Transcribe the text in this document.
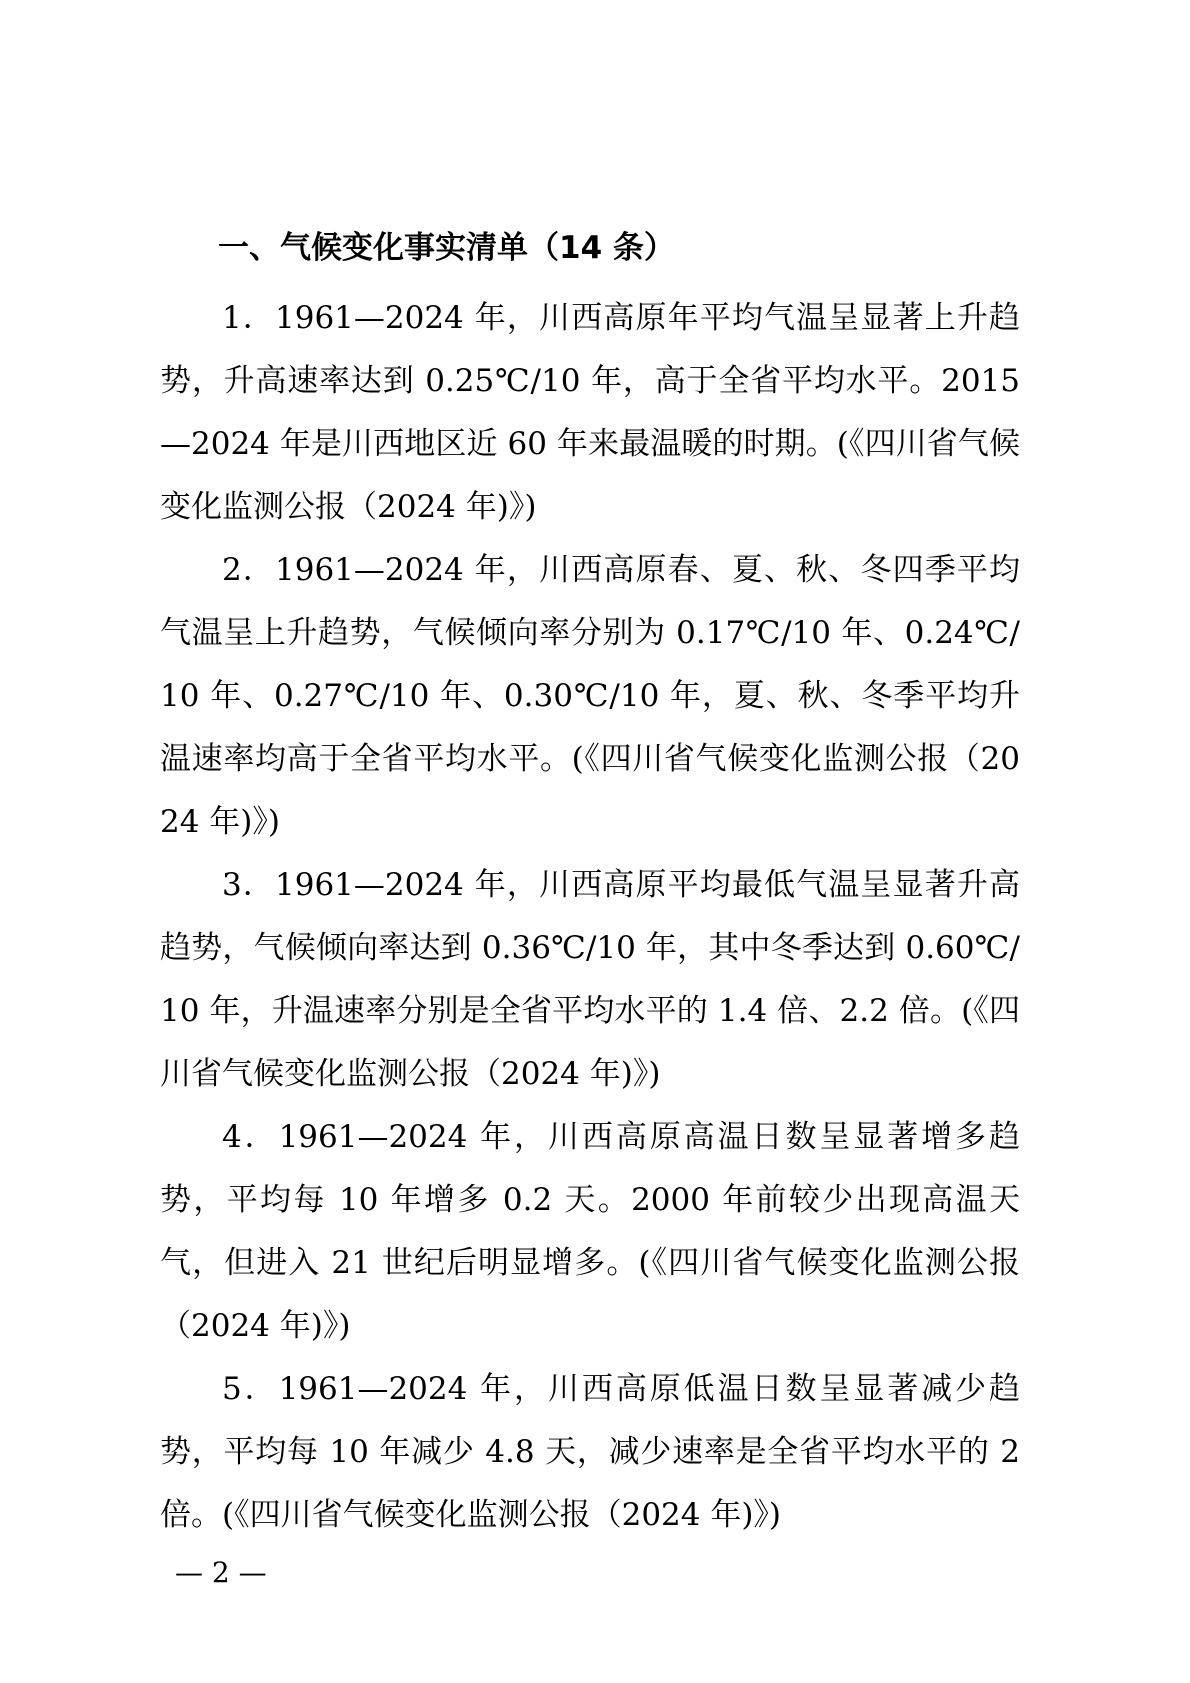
一、气候变化事实清单（14 条）

1．1961—2024 年，川西高原年平均气温呈显著上升趋势，升高速率达到 0.25℃/10 年，高于全省平均水平。2015—2024 年是川西地区近 60 年来最温暖的时期。(《四川省气候变化监测公报（2024 年)》)

2．1961—2024 年，川西高原春、夏、秋、冬四季平均气温呈上升趋势，气候倾向率分别为 0.17℃/10 年、0.24℃/10 年、0.27℃/10 年、0.30℃/10 年，夏、秋、冬季平均升温速率均高于全省平均水平。(《四川省气候变化监测公报（2024 年)》)

3．1961—2024 年，川西高原平均最低气温呈显著升高趋势，气候倾向率达到 0.36℃/10 年，其中冬季达到 0.60℃/10 年，升温速率分别是全省平均水平的 1.4 倍、2.2 倍。(《四川省气候变化监测公报（2024 年)》)

4．1961—2024 年，川西高原高温日数呈显著增多趋势，平均每 10 年增多 0.2 天。2000 年前较少出现高温天气，但进入 21 世纪后明显增多。(《四川省气候变化监测公报（2024 年)》)

5．1961—2024 年，川西高原低温日数呈显著减少趋势，平均每 10 年减少 4.8 天，减少速率是全省平均水平的 2 倍。(《四川省气候变化监测公报（2024 年)》)

— 2 —
